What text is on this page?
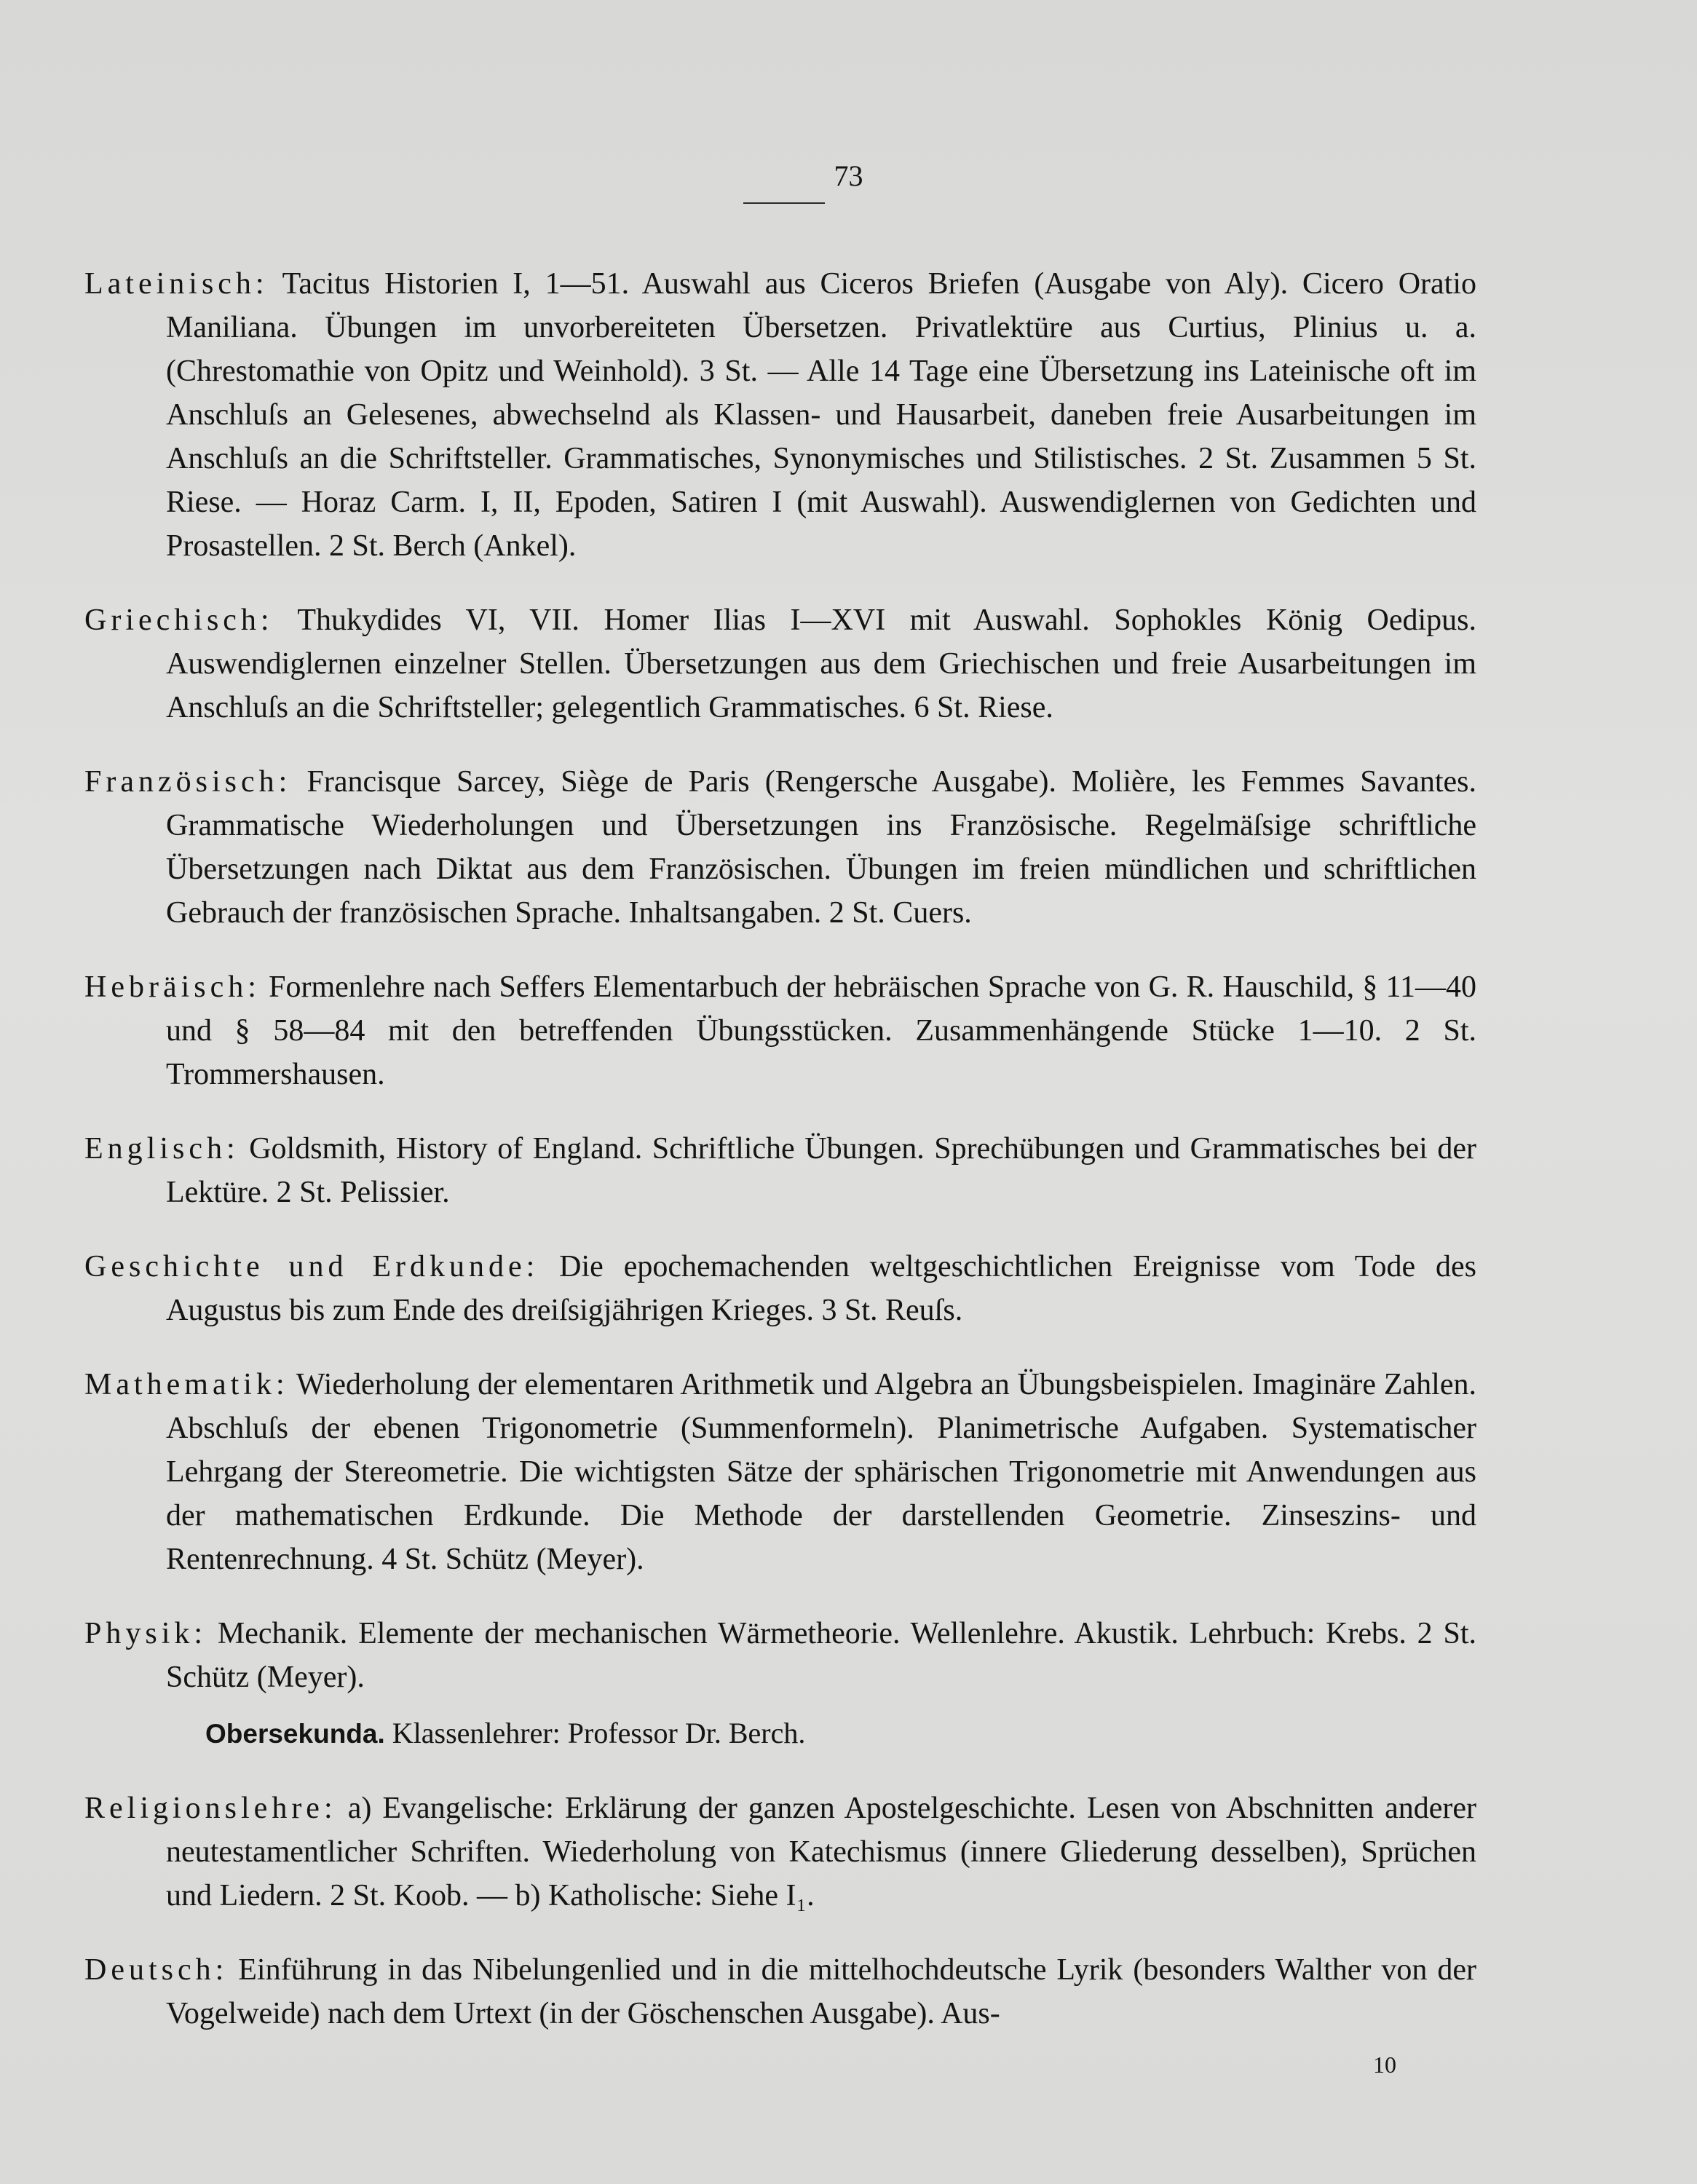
73

Lateinisch: Tacitus Historien I, 1—51. Auswahl aus Ciceros Briefen (Ausgabe von Aly). Cicero Oratio Maniliana. Übungen im unvorbereiteten Übersetzen. Privatlektüre aus Curtius, Plinius u. a. (Chrestomathie von Opitz und Weinhold). 3 St. — Alle 14 Tage eine Übersetzung ins Lateinische oft im Anschluſs an Gelesenes, abwechselnd als Klassen- und Hausarbeit, daneben freie Ausarbeitungen im Anschluſs an die Schriftsteller. Grammatisches, Synonymisches und Stilistisches. 2 St. Zusammen 5 St. Riese. — Horaz Carm. I, II, Epoden, Satiren I (mit Auswahl). Auswendiglernen von Gedichten und Prosastellen. 2 St. Berch (Ankel).

Griechisch: Thukydides VI, VII. Homer Ilias I—XVI mit Auswahl. Sophokles König Oedipus. Auswendiglernen einzelner Stellen. Übersetzungen aus dem Griechischen und freie Ausarbeitungen im Anschluſs an die Schriftsteller; gelegentlich Grammatisches. 6 St. Riese.

Französisch: Francisque Sarcey, Siège de Paris (Rengersche Ausgabe). Molière, les Femmes Savantes. Grammatische Wiederholungen und Übersetzungen ins Französische. Regelmäſsige schriftliche Übersetzungen nach Diktat aus dem Französischen. Übungen im freien mündlichen und schriftlichen Gebrauch der französischen Sprache. Inhaltsangaben. 2 St. Cuers.

Hebräisch: Formenlehre nach Seffers Elementarbuch der hebräischen Sprache von G. R. Hauschild, § 11—40 und § 58—84 mit den betreffenden Übungsstücken. Zusammenhängende Stücke 1—10. 2 St. Trommershausen.

Englisch: Goldsmith, History of England. Schriftliche Übungen. Sprechübungen und Grammatisches bei der Lektüre. 2 St. Pelissier.

Geschichte und Erdkunde: Die epochemachenden weltgeschichtlichen Ereignisse vom Tode des Augustus bis zum Ende des dreiſsigjährigen Krieges. 3 St. Reuſs.

Mathematik: Wiederholung der elementaren Arithmetik und Algebra an Übungsbeispielen. Imaginäre Zahlen. Abschluſs der ebenen Trigonometrie (Summenformeln). Planimetrische Aufgaben. Systematischer Lehrgang der Stereometrie. Die wichtigsten Sätze der sphärischen Trigonometrie mit Anwendungen aus der mathematischen Erdkunde. Die Methode der darstellenden Geometrie. Zinseszins- und Rentenrechnung. 4 St. Schütz (Meyer).

Physik: Mechanik. Elemente der mechanischen Wärmetheorie. Wellenlehre. Akustik. Lehrbuch: Krebs. 2 St. Schütz (Meyer).

Obersekunda. Klassenlehrer: Professor Dr. Berch.

Religionslehre: a) Evangelische: Erklärung der ganzen Apostelgeschichte. Lesen von Abschnitten anderer neutestamentlicher Schriften. Wiederholung von Katechismus (innere Gliederung desselben), Sprüchen und Liedern. 2 St. Koob. — b) Katholische: Siehe I₁.

Deutsch: Einführung in das Nibelungenlied und in die mittelhochdeutsche Lyrik (besonders Walther von der Vogelweide) nach dem Urtext (in der Göschenschen Ausgabe). Aus-

10
